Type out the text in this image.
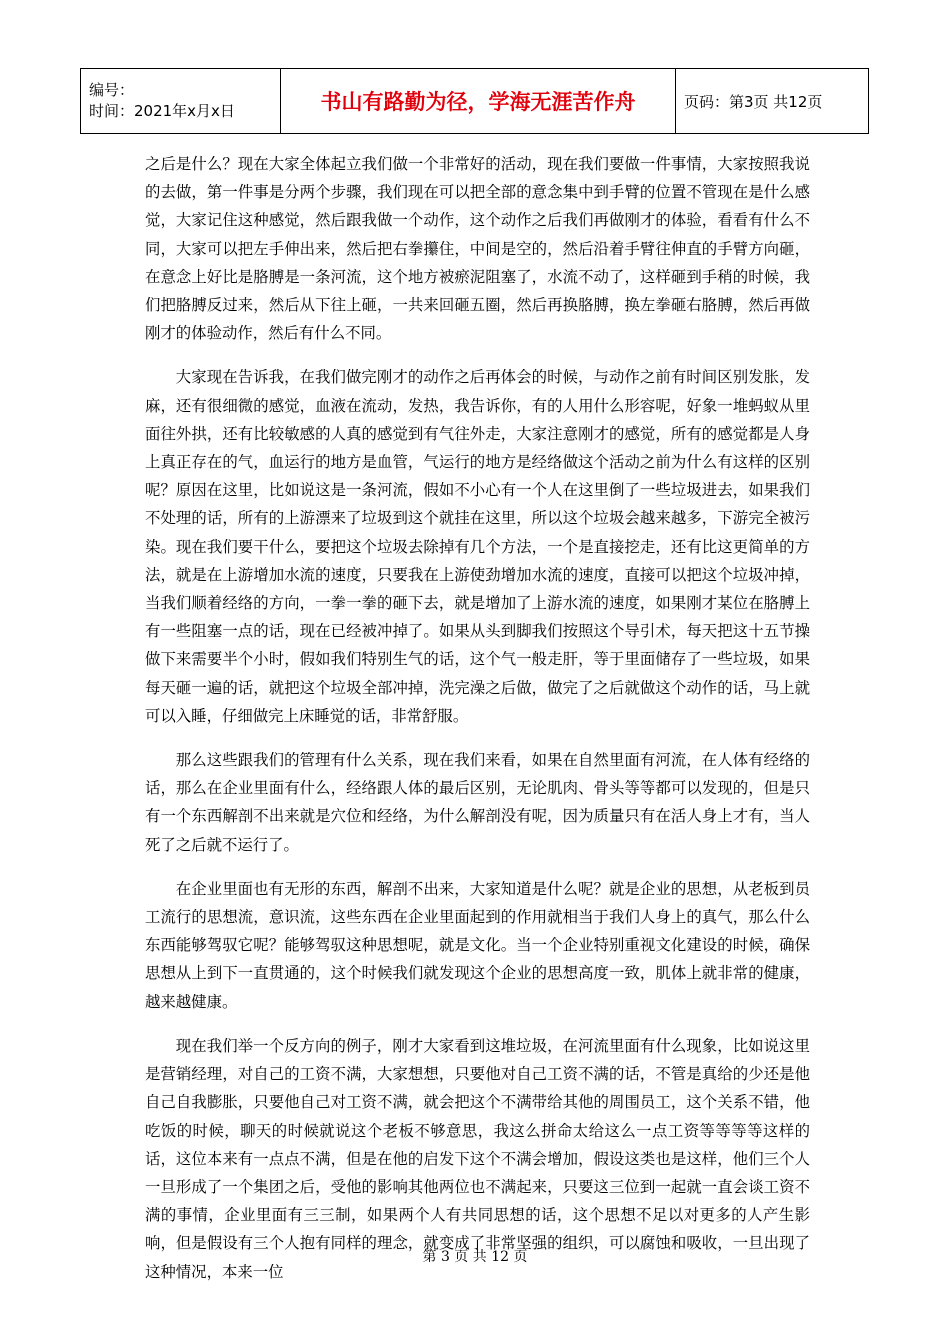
编号：
时间：2021年x月x日	书山有路勤为径，学海无涯苦作舟	页码：第3页 共12页

之后是什么？现在大家全体起立我们做一个非常好的活动，现在我们要做一件事情，大家按照我说的去做，第一件事是分两个步骤，我们现在可以把全部的意念集中到手臂的位置不管现在是什么感觉，大家记住这种感觉，然后跟我做一个动作，这个动作之后我们再做刚才的体验，看看有什么不同，大家可以把左手伸出来，然后把右拳攥住，中间是空的，然后沿着手臂往伸直的手臂方向砸，在意念上好比是胳膊是一条河流，这个地方被瘀泥阻塞了，水流不动了，这样砸到手稍的时候，我们把胳膊反过来，然后从下往上砸，一共来回砸五圈，然后再换胳膊，换左拳砸右胳膊，然后再做刚才的体验动作，然后有什么不同。

大家现在告诉我，在我们做完刚才的动作之后再体会的时候，与动作之前有时间区别发胀，发麻，还有很细微的感觉，血液在流动，发热，我告诉你，有的人用什么形容呢，好象一堆蚂蚁从里面往外拱，还有比较敏感的人真的感觉到有气往外走，大家注意刚才的感觉，所有的感觉都是人身上真正存在的气，血运行的地方是血管，气运行的地方是经络做这个活动之前为什么有这样的区别呢？原因在这里，比如说这是一条河流，假如不小心有一个人在这里倒了一些垃圾进去，如果我们不处理的话，所有的上游漂来了垃圾到这个就挂在这里，所以这个垃圾会越来越多，下游完全被污染。现在我们要干什么，要把这个垃圾去除掉有几个方法，一个是直接挖走，还有比这更简单的方法，就是在上游增加水流的速度，只要我在上游使劲增加水流的速度，直接可以把这个垃圾冲掉，当我们顺着经络的方向，一拳一拳的砸下去，就是增加了上游水流的速度，如果刚才某位在胳膊上有一些阻塞一点的话，现在已经被冲掉了。如果从头到脚我们按照这个导引术，每天把这十五节操做下来需要半个小时，假如我们特别生气的话，这个气一般走肝，等于里面储存了一些垃圾，如果每天砸一遍的话，就把这个垃圾全部冲掉，洗完澡之后做，做完了之后就做这个动作的话，马上就可以入睡，仔细做完上床睡觉的话，非常舒服。

那么这些跟我们的管理有什么关系，现在我们来看，如果在自然里面有河流，在人体有经络的话，那么在企业里面有什么，经络跟人体的最后区别，无论肌肉、骨头等等都可以发现的，但是只有一个东西解剖不出来就是穴位和经络，为什么解剖没有呢，因为质量只有在活人身上才有，当人死了之后就不运行了。

在企业里面也有无形的东西，解剖不出来，大家知道是什么呢？就是企业的思想，从老板到员工流行的思想流，意识流，这些东西在企业里面起到的作用就相当于我们人身上的真气，那么什么东西能够驾驭它呢？能够驾驭这种思想呢，就是文化。当一个企业特别重视文化建设的时候，确保思想从上到下一直贯通的，这个时候我们就发现这个企业的思想高度一致，肌体上就非常的健康，越来越健康。

现在我们举一个反方向的例子，刚才大家看到这堆垃圾，在河流里面有什么现象，比如说这里是营销经理，对自己的工资不满，大家想想，只要他对自己工资不满的话，不管是真给的少还是他自己自我膨胀，只要他自己对工资不满，就会把这个不满带给其他的周围员工，这个关系不错，他吃饭的时候，聊天的时候就说这个老板不够意思，我这么拼命太给这么一点工资等等等等这样的话，这位本来有一点点不满，但是在他的启发下这个不满会增加，假设这类也是这样，他们三个人一旦形成了一个集团之后，受他的影响其他两位也不满起来，只要这三位到一起就一直会谈工资不满的事情，企业里面有三三制，如果两个人有共同思想的话，这个思想不足以对更多的人产生影响，但是假设有三个人抱有同样的理念，就变成了非常坚强的组织，可以腐蚀和吸收，一旦出现了这种情况，本来一位

第 3 页 共 12 页
